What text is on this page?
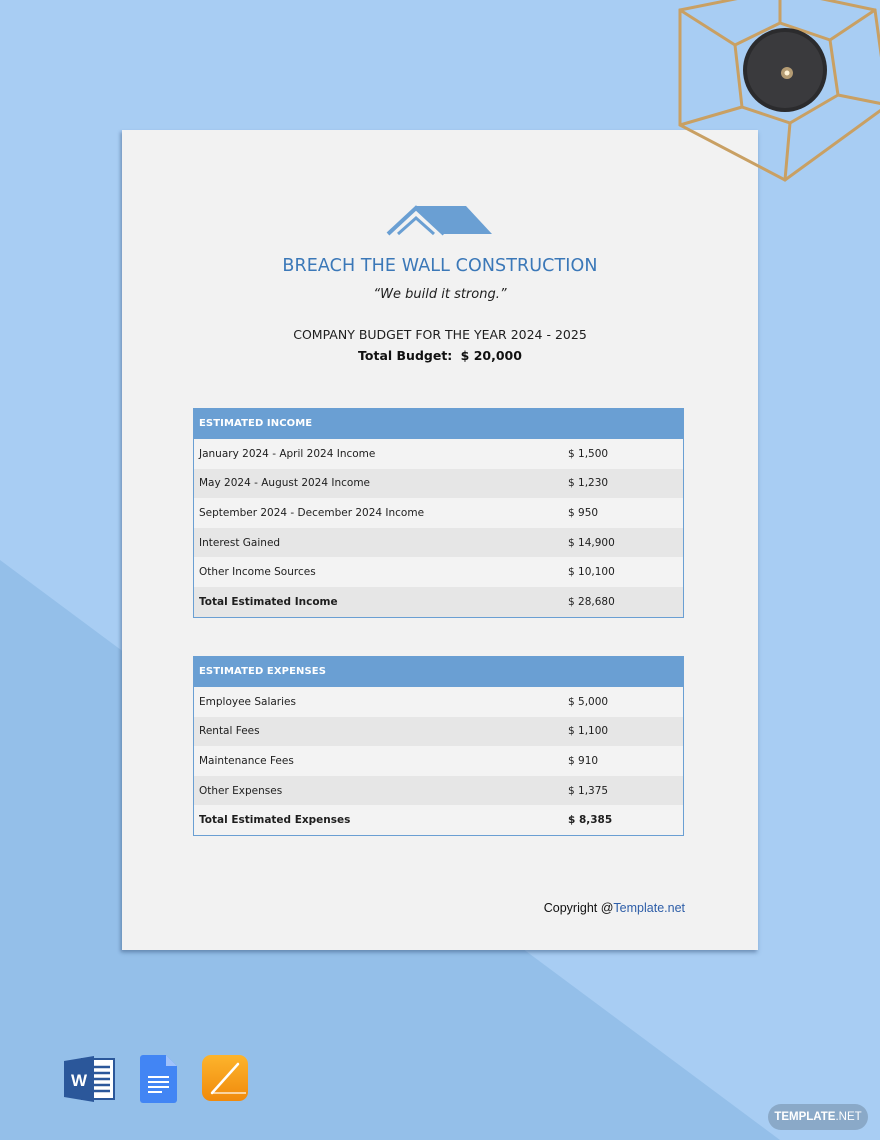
BREACH THE WALL CONSTRUCTION
“We build it strong.”
COMPANY BUDGET FOR THE YEAR 2024 - 2025
Total Budget: $ 20,000
ESTIMATED INCOME
January 2024 - April 2024 Income	$ 1,500
May 2024 - August 2024 Income	$ 1,230
September 2024 - December 2024 Income	$ 950
Interest Gained	$ 14,900
Other Income Sources	$ 10,100
Total Estimated Income	$ 28,680
ESTIMATED EXPENSES
Employee Salaries	$ 5,000
Rental Fees	$ 1,100
Maintenance Fees	$ 910
Other Expenses	$ 1,375
Total Estimated Expenses	$ 8,385
Copyright @Template.net
W
TEMPLATE.NET
